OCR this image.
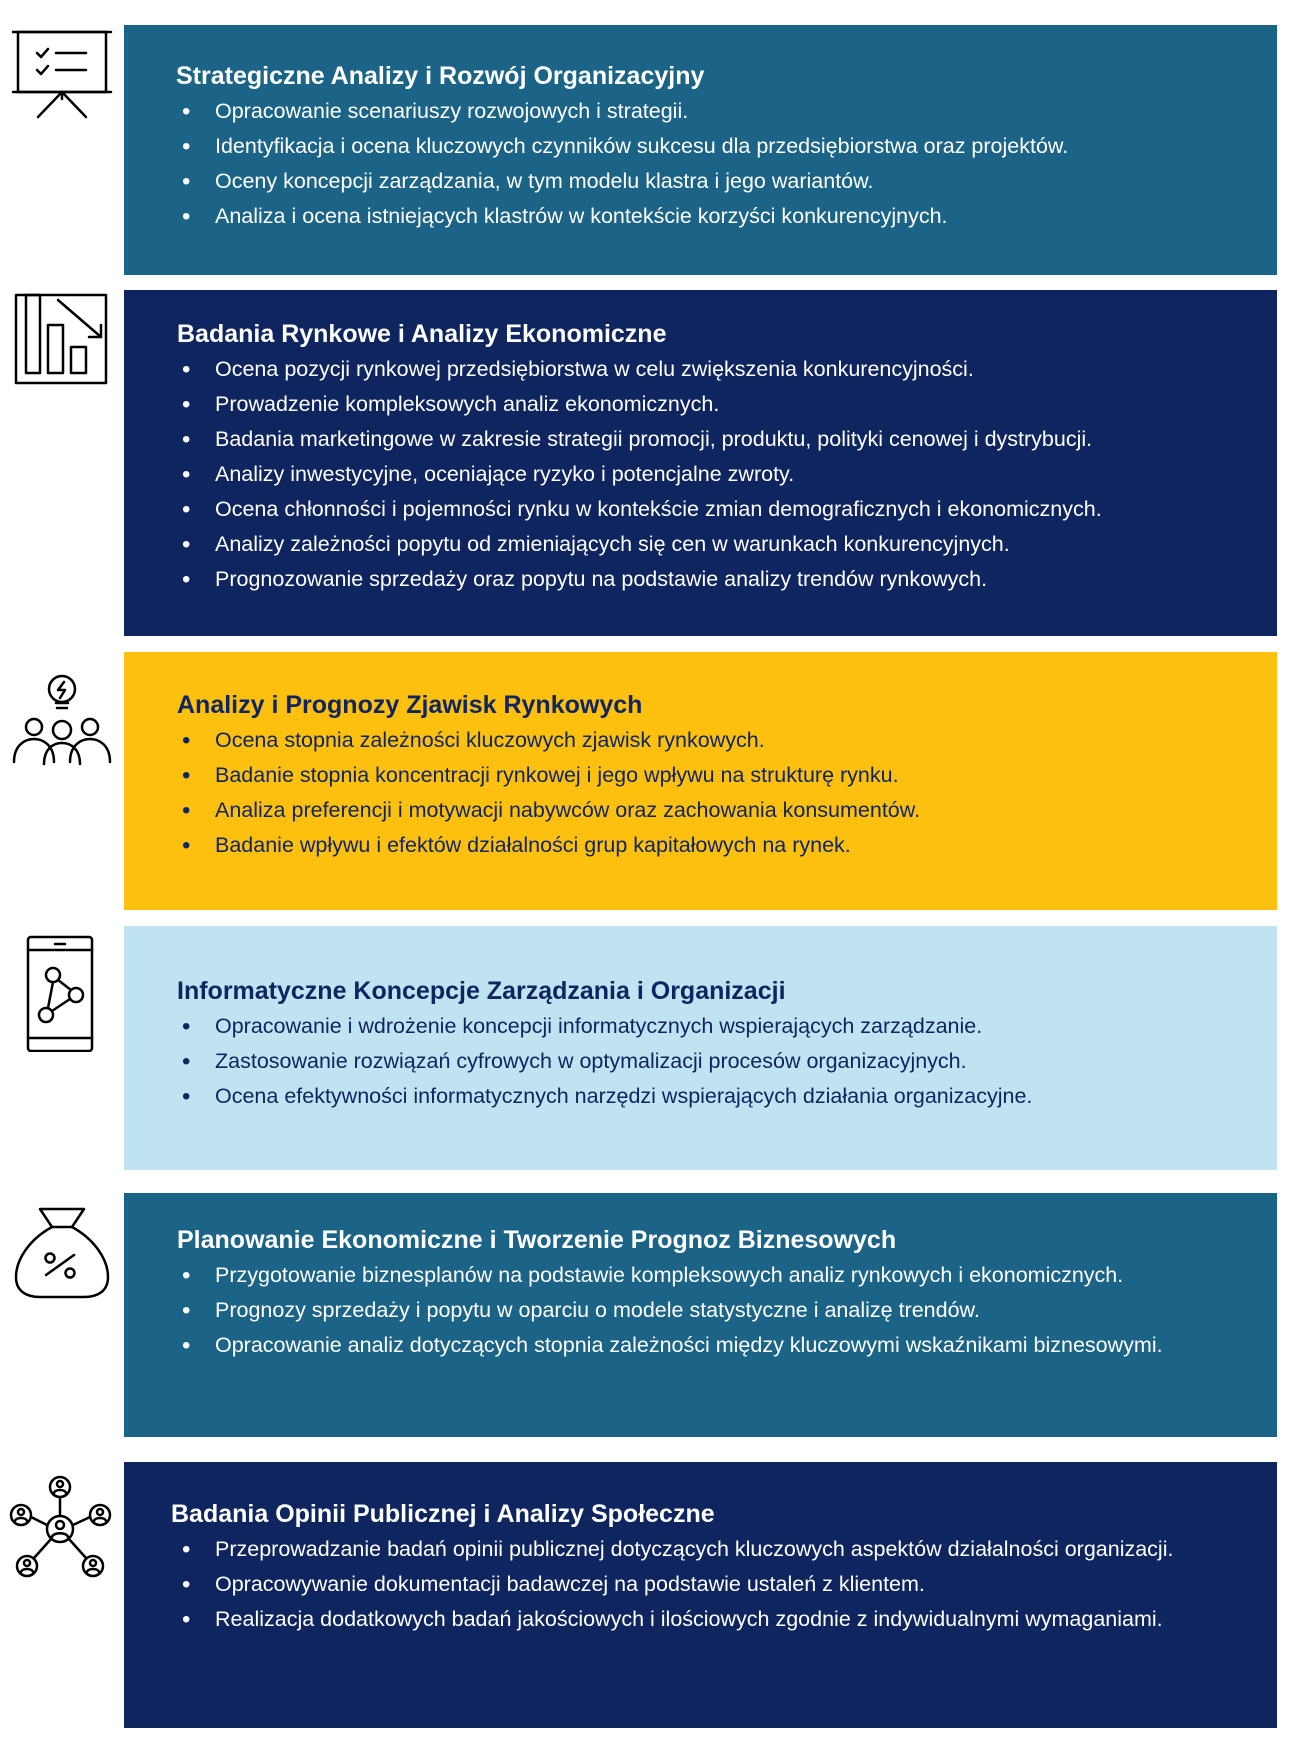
Strategiczne Analizy i Rozwój Organizacyjny
• Opracowanie scenariuszy rozwojowych i strategii.
• Identyfikacja i ocena kluczowych czynników sukcesu dla przedsiębiorstwa oraz projektów.
• Oceny koncepcji zarządzania, w tym modelu klastra i jego wariantów.
• Analiza i ocena istniejących klastrów w kontekście korzyści konkurencyjnych.
Badania Rynkowe i Analizy Ekonomiczne
• Ocena pozycji rynkowej przedsiębiorstwa w celu zwiększenia konkurencyjności.
• Prowadzenie kompleksowych analiz ekonomicznych.
• Badania marketingowe w zakresie strategii promocji, produktu, polityki cenowej i dystrybucji.
• Analizy inwestycyjne, oceniające ryzyko i potencjalne zwroty.
• Ocena chłonności i pojemności rynku w kontekście zmian demograficznych i ekonomicznych.
• Analizy zależności popytu od zmieniających się cen w warunkach konkurencyjnych.
• Prognozowanie sprzedaży oraz popytu na podstawie analizy trendów rynkowych.
Analizy i Prognozy Zjawisk Rynkowych
• Ocena stopnia zależności kluczowych zjawisk rynkowych.
• Badanie stopnia koncentracji rynkowej i jego wpływu na strukturę rynku.
• Analiza preferencji i motywacji nabywców oraz zachowania konsumentów.
• Badanie wpływu i efektów działalności grup kapitałowych na rynek.
Informatyczne Koncepcje Zarządzania i Organizacji
• Opracowanie i wdrożenie koncepcji informatycznych wspierających zarządzanie.
• Zastosowanie rozwiązań cyfrowych w optymalizacji procesów organizacyjnych.
• Ocena efektywności informatycznych narzędzi wspierających działania organizacyjne.
Planowanie Ekonomiczne i Tworzenie Prognoz Biznesowych
• Przygotowanie biznesplanów na podstawie kompleksowych analiz rynkowych i ekonomicznych.
• Prognozy sprzedaży i popytu w oparciu o modele statystyczne i analizę trendów.
• Opracowanie analiz dotyczących stopnia zależności między kluczowymi wskaźnikami biznesowymi.
Badania Opinii Publicznej i Analizy Społeczne
• Przeprowadzanie badań opinii publicznej dotyczących kluczowych aspektów działalności organizacji.
• Opracowywanie dokumentacji badawczej na podstawie ustaleń z klientem.
• Realizacja dodatkowych badań jakościowych i ilościowych zgodnie z indywidualnymi wymaganiami.
